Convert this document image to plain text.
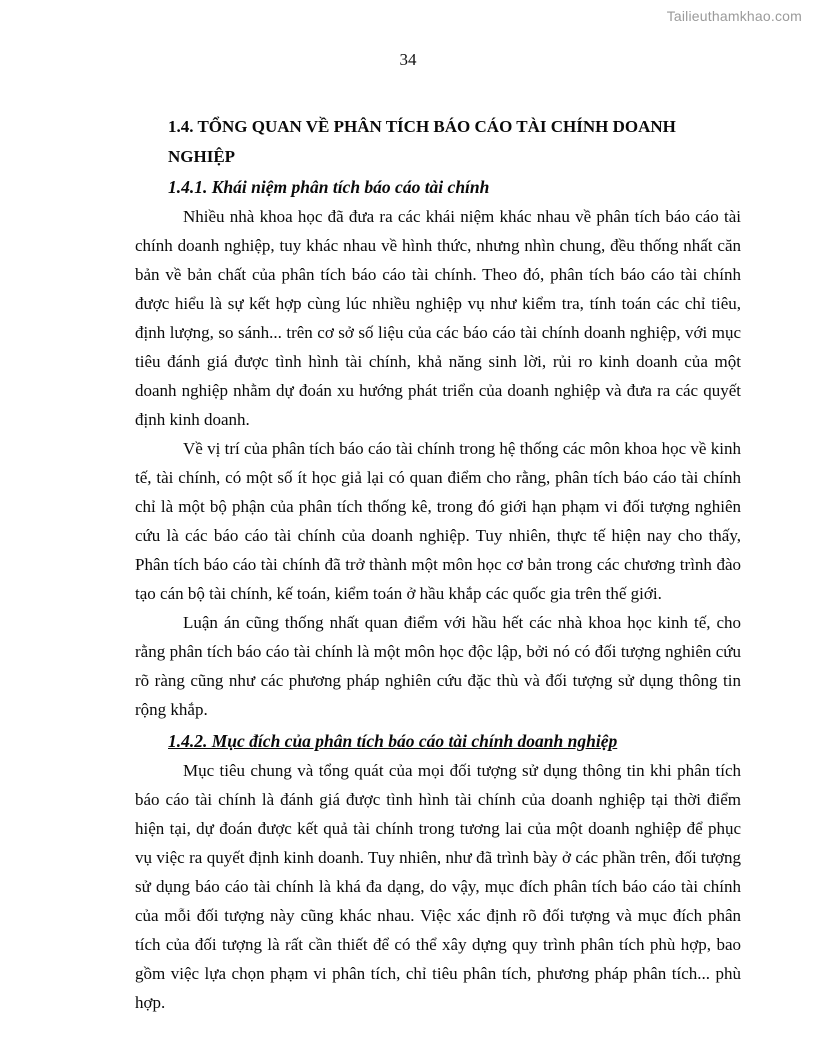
Tailieuthamkhao.com
34
1.4. TỔNG QUAN VỀ PHÂN TÍCH BÁO CÁO TÀI CHÍNH DOANH NGHIỆP
1.4.1. Khái niệm phân tích báo cáo tài chính

Nhiều nhà khoa học đã đưa ra các khái niệm khác nhau về phân tích báo cáo tài chính doanh nghiệp, tuy khác nhau về hình thức, nhưng nhìn chung, đều thống nhất căn bản về bản chất của phân tích báo cáo tài chính. Theo đó, phân tích báo cáo tài chính được hiểu là sự kết hợp cùng lúc nhiều nghiệp vụ như kiểm tra, tính toán các chỉ tiêu, định lượng, so sánh... trên cơ sở số liệu của các báo cáo tài chính doanh nghiệp, với mục tiêu đánh giá được tình hình tài chính, khả năng sinh lời, rủi ro kinh doanh của một doanh nghiệp nhằm dự đoán xu hướng phát triển của doanh nghiệp và đưa ra các quyết định kinh doanh.

Về vị trí của phân tích báo cáo tài chính trong hệ thống các môn khoa học về kinh tế, tài chính, có một số ít học giả lại có quan điểm cho rằng, phân tích báo cáo tài chính chỉ là một bộ phận của phân tích thống kê, trong đó giới hạn phạm vi đối tượng nghiên cứu là các báo cáo tài chính của doanh nghiệp. Tuy nhiên, thực tế hiện nay cho thấy, Phân tích báo cáo tài chính đã trở thành một môn học cơ bản trong các chương trình đào tạo cán bộ tài chính, kế toán, kiểm toán ở hầu khắp các quốc gia trên thế giới.

Luận án cũng thống nhất quan điểm với hầu hết các nhà khoa học kinh tế, cho rằng phân tích báo cáo tài chính là một môn học độc lập, bởi nó có đối tượng nghiên cứu rõ ràng cũng như các phương pháp nghiên cứu đặc thù và đối tượng sử dụng thông tin rộng khắp.

1.4.2. Mục đích của phân tích báo cáo tài chính doanh nghiệp

Mục tiêu chung và tổng quát của mọi đối tượng sử dụng thông tin khi phân tích báo cáo tài chính là đánh giá được tình hình tài chính của doanh nghiệp tại thời điểm hiện tại, dự đoán được kết quả tài chính trong tương lai của một doanh nghiệp để phục vụ việc ra quyết định kinh doanh. Tuy nhiên, như đã trình bày ở các phần trên, đối tượng sử dụng báo cáo tài chính là khá đa dạng, do vậy, mục đích phân tích báo cáo tài chính của mỗi đối tượng này cũng khác nhau. Việc xác định rõ đối tượng và mục đích phân tích của đối tượng là rất cần thiết để có thể xây dựng quy trình phân tích phù hợp, bao gồm việc lựa chọn phạm vi phân tích, chỉ tiêu phân tích, phương pháp phân tích... phù hợp.
